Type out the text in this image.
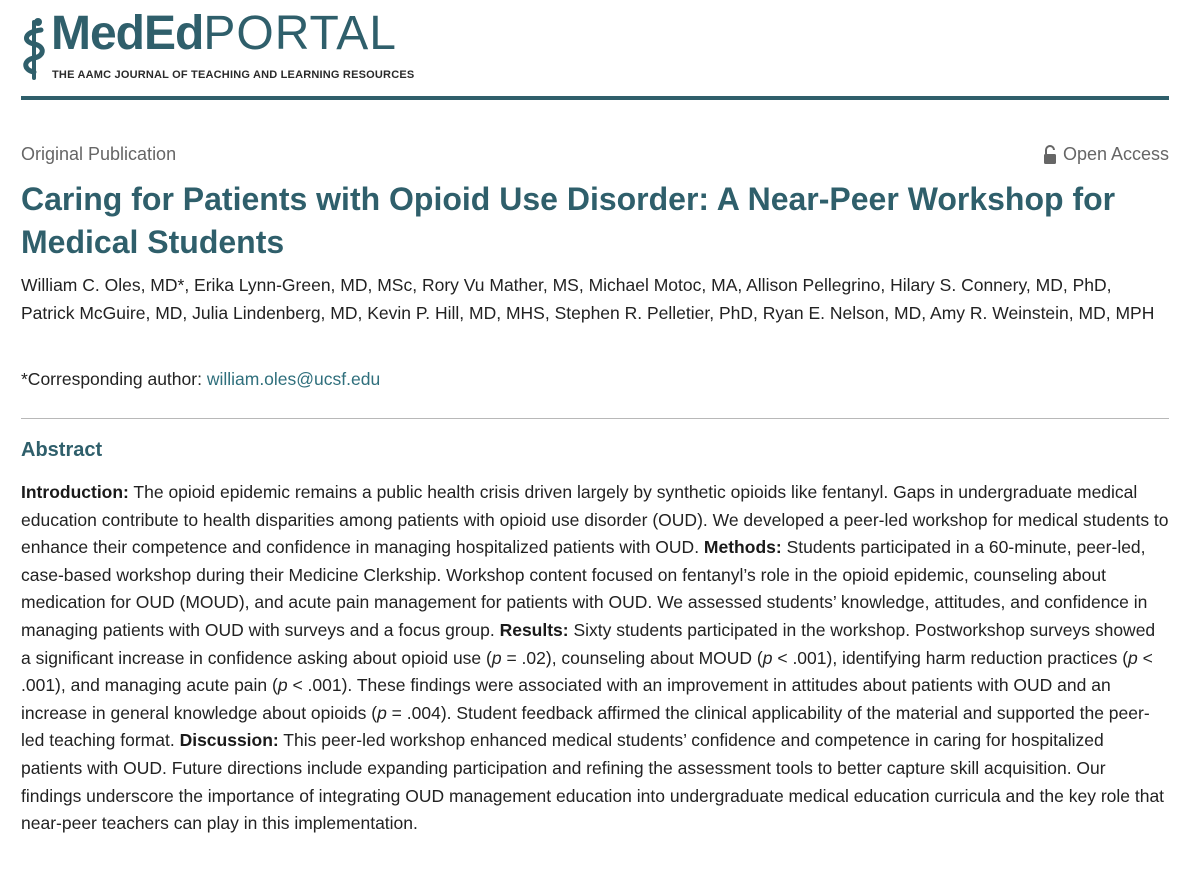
MedEdPORTAL
THE AAMC JOURNAL OF TEACHING AND LEARNING RESOURCES
Original Publication	Open Access
Caring for Patients with Opioid Use Disorder: A Near-Peer Workshop for Medical Students

William C. Oles, MD*, Erika Lynn-Green, MD, MSc, Rory Vu Mather, MS, Michael Motoc, MA, Allison Pellegrino, Hilary S. Connery, MD, PhD, Patrick McGuire, MD, Julia Lindenberg, MD, Kevin P. Hill, MD, MHS, Stephen R. Pelletier, PhD, Ryan E. Nelson, MD, Amy R. Weinstein, MD, MPH

*Corresponding author: william.oles@ucsf.edu
Abstract

Introduction: The opioid epidemic remains a public health crisis driven largely by synthetic opioids like fentanyl. Gaps in undergraduate medical education contribute to health disparities among patients with opioid use disorder (OUD). We developed a peer-led workshop for medical students to enhance their competence and confidence in managing hospitalized patients with OUD. Methods: Students participated in a 60-minute, peer-led, case-based workshop during their Medicine Clerkship. Workshop content focused on fentanyl’s role in the opioid epidemic, counseling about medication for OUD (MOUD), and acute pain management for patients with OUD. We assessed students’ knowledge, attitudes, and confidence in managing patients with OUD with surveys and a focus group. Results: Sixty students participated in the workshop. Postworkshop surveys showed a significant increase in confidence asking about opioid use (p = .02), counseling about MOUD (p < .001), identifying harm reduction practices (p < .001), and managing acute pain (p < .001). These findings were associated with an improvement in attitudes about patients with OUD and an increase in general knowledge about opioids (p = .004). Student feedback affirmed the clinical applicability of the material and supported the peer-led teaching format. Discussion: This peer-led workshop enhanced medical students’ confidence and competence in caring for hospitalized patients with OUD. Future directions include expanding participation and refining the assessment tools to better capture skill acquisition. Our findings underscore the importance of integrating OUD management education into undergraduate medical education curricula and the key role that near-peer teachers can play in this implementation.
